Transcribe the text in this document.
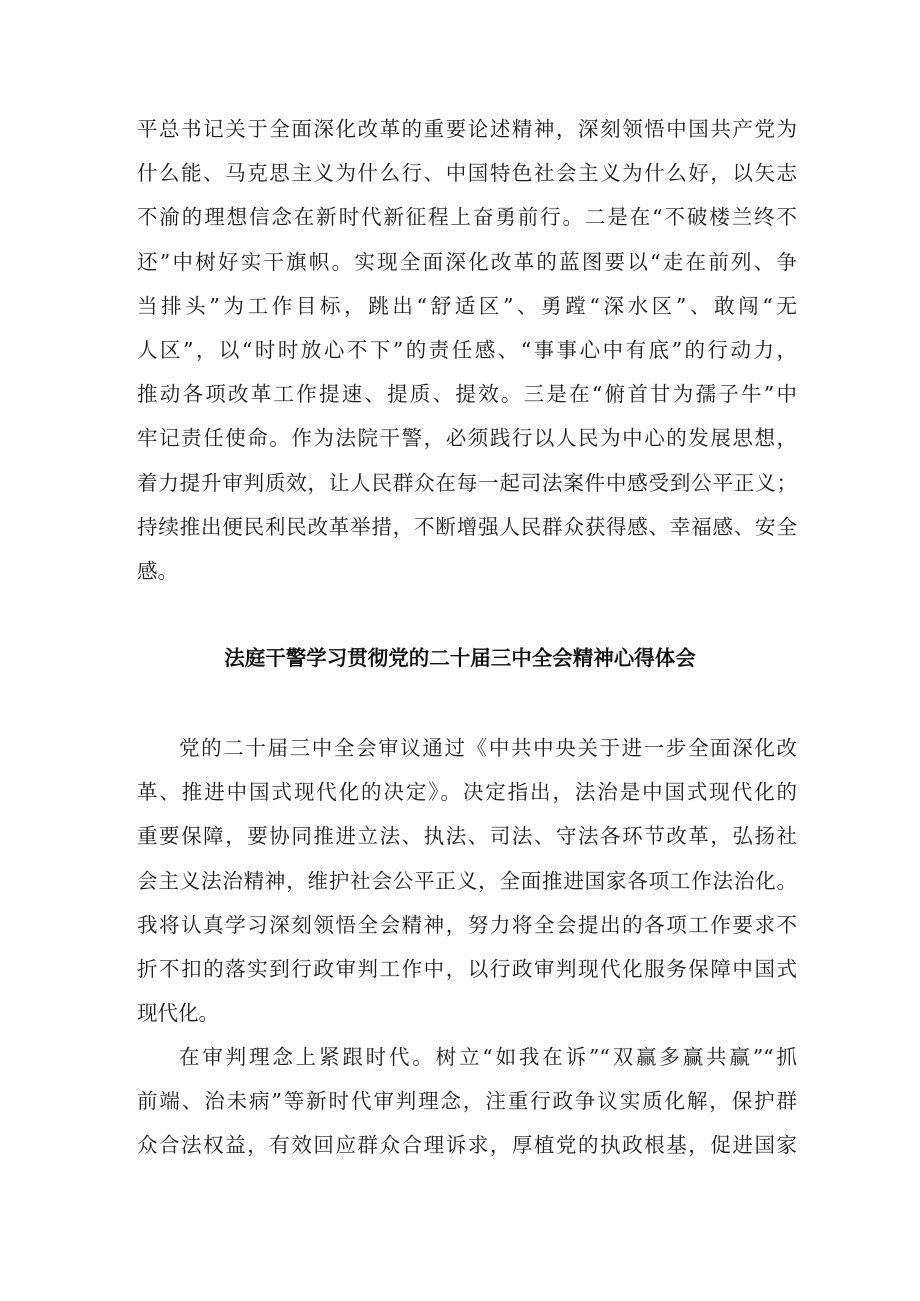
平总书记关于全面深化改革的重要论述精神，深刻领悟中国共产党为
什么能、马克思主义为什么行、中国特色社会主义为什么好，以矢志
不渝的理想信念在新时代新征程上奋勇前行。二是在“不破楼兰终不
还”中树好实干旗帜。实现全面深化改革的蓝图要以“走在前列、争
当排头”为工作目标，跳出“舒适区”、勇蹚“深水区”、敢闯“无
人区”，以“时时放心不下”的责任感、“事事心中有底”的行动力，
推动各项改革工作提速、提质、提效。三是在“俯首甘为孺子牛”中
牢记责任使命。作为法院干警，必须践行以人民为中心的发展思想，
着力提升审判质效，让人民群众在每一起司法案件中感受到公平正义；
持续推出便民利民改革举措，不断增强人民群众获得感、幸福感、安全
感。
法庭干警学习贯彻党的二十届三中全会精神心得体会
党的二十届三中全会审议通过《中共中央关于进一步全面深化改
革、推进中国式现代化的决定》。决定指出，法治是中国式现代化的
重要保障，要协同推进立法、执法、司法、守法各环节改革，弘扬社
会主义法治精神，维护社会公平正义，全面推进国家各项工作法治化。
我将认真学习深刻领悟全会精神，努力将全会提出的各项工作要求不
折不扣的落实到行政审判工作中，以行政审判现代化服务保障中国式
现代化。
在审判理念上紧跟时代。树立“如我在诉”“双赢多赢共赢”“抓
前端、治未病”等新时代审判理念，注重行政争议实质化解，保护群
众合法权益，有效回应群众合理诉求，厚植党的执政根基，促进国家
